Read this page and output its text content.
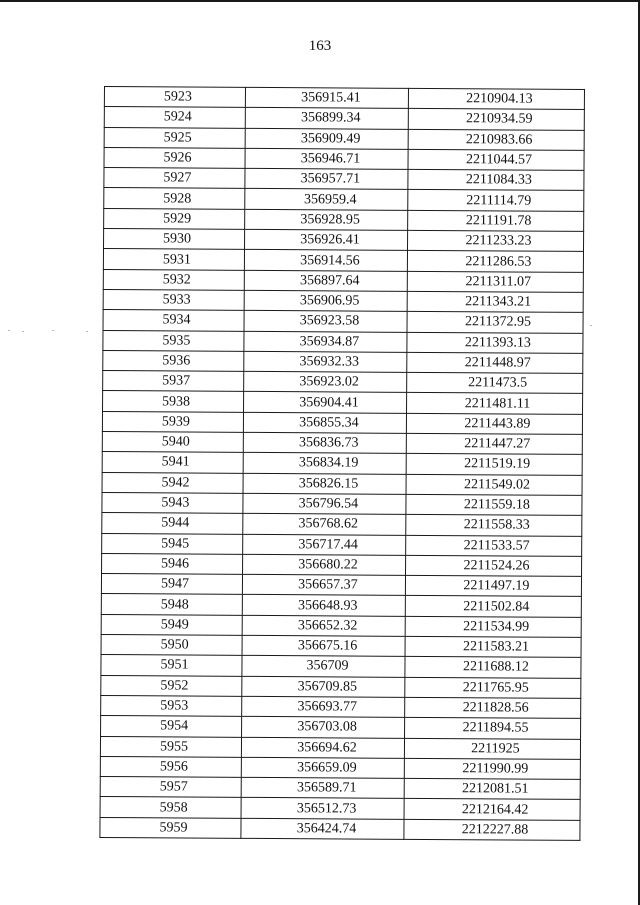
163
5923	356915.41	2210904.13
5924	356899.34	2210934.59
5925	356909.49	2210983.66
5926	356946.71	2211044.57
5927	356957.71	2211084.33
5928	356959.4	2211114.79
5929	356928.95	2211191.78
5930	356926.41	2211233.23
5931	356914.56	2211286.53
5932	356897.64	2211311.07
5933	356906.95	2211343.21
5934	356923.58	2211372.95
5935	356934.87	2211393.13
5936	356932.33	2211448.97
5937	356923.02	2211473.5
5938	356904.41	2211481.11
5939	356855.34	2211443.89
5940	356836.73	2211447.27
5941	356834.19	2211519.19
5942	356826.15	2211549.02
5943	356796.54	2211559.18
5944	356768.62	2211558.33
5945	356717.44	2211533.57
5946	356680.22	2211524.26
5947	356657.37	2211497.19
5948	356648.93	2211502.84
5949	356652.32	2211534.99
5950	356675.16	2211583.21
5951	356709	2211688.12
5952	356709.85	2211765.95
5953	356693.77	2211828.56
5954	356703.08	2211894.55
5955	356694.62	2211925
5956	356659.09	2211990.99
5957	356589.71	2212081.51
5958	356512.73	2212164.42
5959	356424.74	2212227.88
